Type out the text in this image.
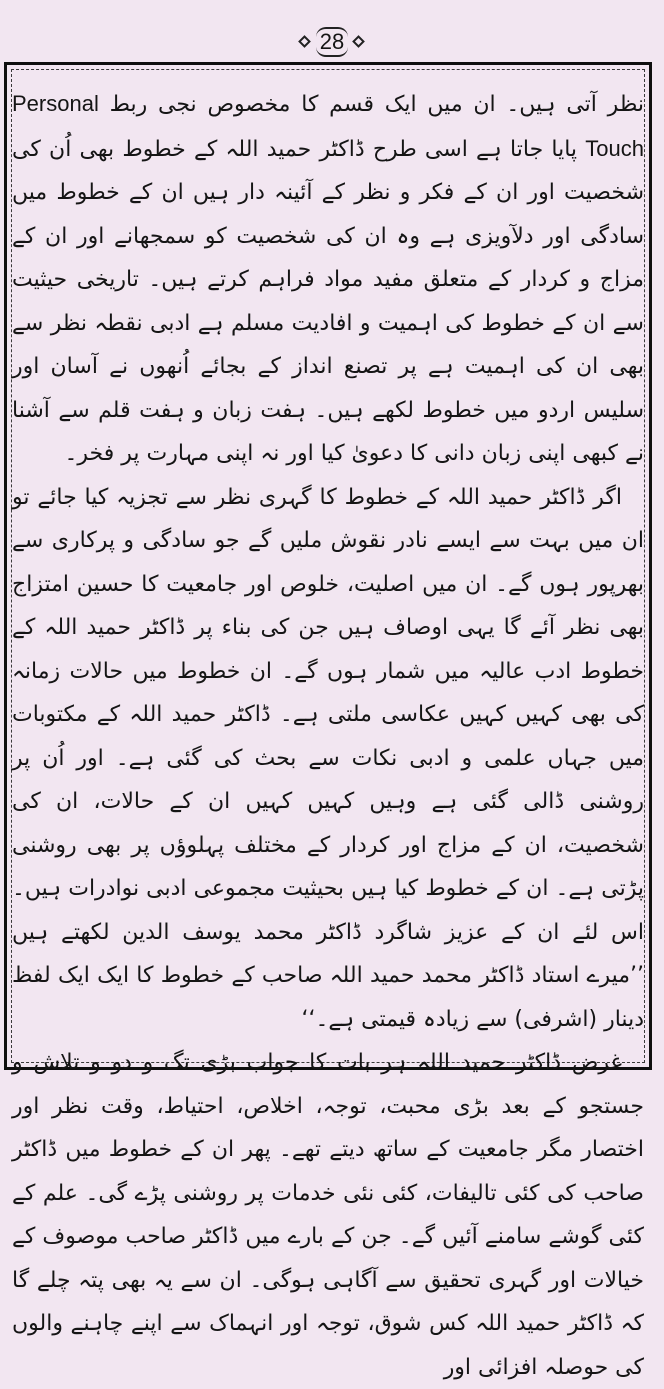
28

نظر آتی ہیں۔ ان میں ایک قسم کا مخصوص نجی ربط Personal Touch پایا جاتا ہے اسی طرح ڈاکٹر حمید اللہ کے خطوط بھی اُن کی شخصیت اور ان کے فکر و نظر کے آئینہ دار ہیں ان کے خطوط میں سادگی اور دلآویزی ہے وہ ان کی شخصیت کو سمجھانے اور ان کے مزاج و کردار کے متعلق مفید مواد فراہم کرتے ہیں۔ تاریخی حیثیت سے ان کے خطوط کی اہمیت و افادیت مسلم ہے ادبی نقطہ نظر سے بھی ان کی اہمیت ہے پر تصنع انداز کے بجائے اُنھوں نے آسان اور سلیس اردو میں خطوط لکھے ہیں۔ ہفت زبان و ہفت قلم سے آشنا نے کبھی اپنی زبان دانی کا دعویٰ کیا اور نہ اپنی مہارت پر فخر۔

اگر ڈاکٹر حمید اللہ کے خطوط کا گہری نظر سے تجزیہ کیا جائے تو ان میں بہت سے ایسے نادر نقوش ملیں گے جو سادگی و پرکاری سے بھرپور ہوں گے۔ ان میں اصلیت، خلوص اور جامعیت کا حسین امتزاج بھی نظر آئے گا یہی اوصاف ہیں جن کی بناء پر ڈاکٹر حمید اللہ کے خطوط ادب عالیہ میں شمار ہوں گے۔ ان خطوط میں حالات زمانہ کی بھی کہیں کہیں عکاسی ملتی ہے۔ ڈاکٹر حمید اللہ کے مکتوبات میں جہاں علمی و ادبی نکات سے بحث کی گئی ہے۔ اور اُن پر روشنی ڈالی گئی ہے وہیں کہیں کہیں ان کے حالات، ان کی شخصیت، ان کے مزاج اور کردار کے مختلف پہلوؤں پر بھی روشنی پڑتی ہے۔ ان کے خطوط کیا ہیں بحیثیت مجموعی ادبی نوادرات ہیں۔ اس لئے ان کے عزیز شاگرد ڈاکٹر محمد یوسف الدین لکھتے ہیں ’’میرے استاد ڈاکٹر محمد حمید اللہ صاحب کے خطوط کا ایک ایک لفظ دینار (اشرفی) سے زیادہ قیمتی ہے۔‘‘

غرض ڈاکٹر حمید اللہ ہر بات کا جواب بڑی تگ و دو و تلاش و جستجو کے بعد بڑی محبت، توجہ، اخلاص، احتیاط، وقت نظر اور اختصار مگر جامعیت کے ساتھ دیتے تھے۔ پھر ان کے خطوط میں ڈاکٹر صاحب کی کئی تالیفات، کئی نئی خدمات پر روشنی پڑے گی۔ علم کے کئی گوشے سامنے آئیں گے۔ جن کے بارے میں ڈاکٹر صاحب موصوف کے خیالات اور گہری تحقیق سے آگاہی ہوگی۔ ان سے یہ بھی پتہ چلے گا کہ ڈاکٹر حمید اللہ کس شوق، توجہ اور انہماک سے اپنے چاہنے والوں کی حوصلہ افزائی اور
